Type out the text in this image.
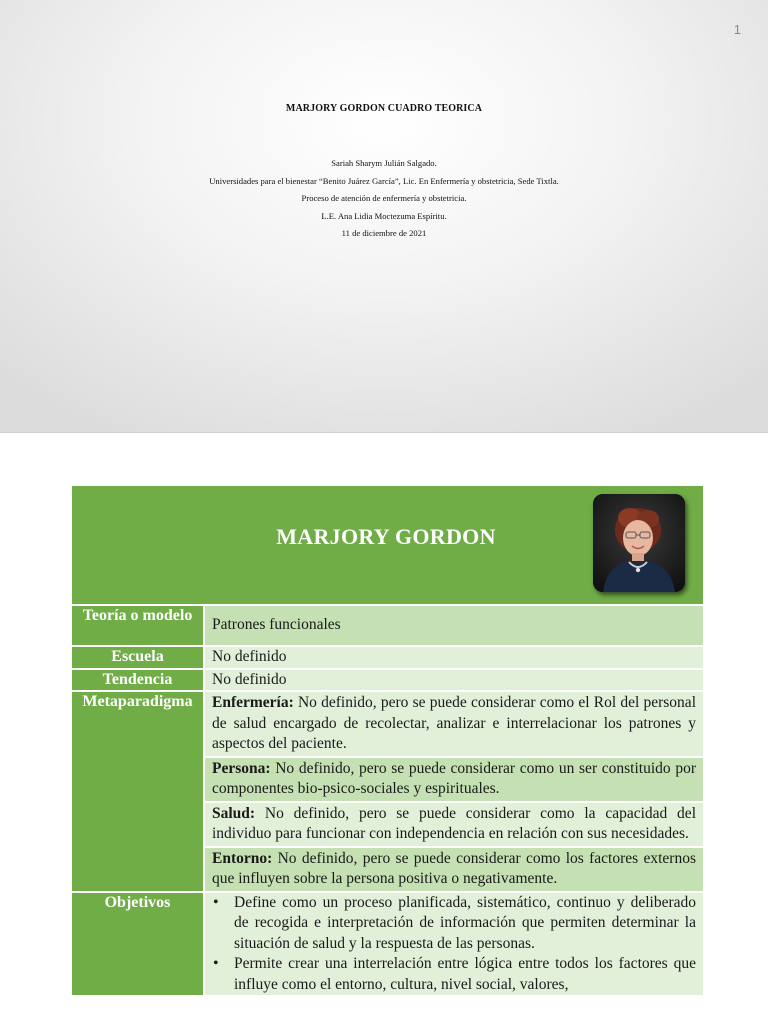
1
MARJORY GORDON CUADRO TEORICA
Sariah Sharym Julián Salgado.
Universidades para el bienestar “Benito Juárez García”, Lic. En Enfermería y obstetricia, Sede Tixtla.
Proceso de atención de enfermería y obstetricia.
L.E. Ana Lidia Moctezuma Espíritu.
11 de diciembre de 2021
MARJORY GORDON
Teoría o modelo
Patrones funcionales
Escuela	No definido
Tendencia	No definido
Metaparadigma	Enfermería: No definido, pero se puede considerar como el Rol del personal de salud encargado de recolectar, analizar e interrelacionar los patrones y aspectos del paciente.
Persona: No definido, pero se puede considerar como un ser constituido por componentes bio-psico-sociales y espirituales.
Salud: No definido, pero se puede considerar como la capacidad del individuo para funcionar con independencia en relación con sus necesidades.
Entorno: No definido, pero se puede considerar como los factores externos que influyen sobre la persona positiva o negativamente.
Objetivos
•	Define como un proceso planificada, sistemático, continuo y deliberado de recogida e interpretación de información que permiten determinar la situación de salud y la respuesta de las personas.
• Permite crear una interrelación entre lógica entre todos los factores que influye como el entorno, cultura, nivel social, valores,
